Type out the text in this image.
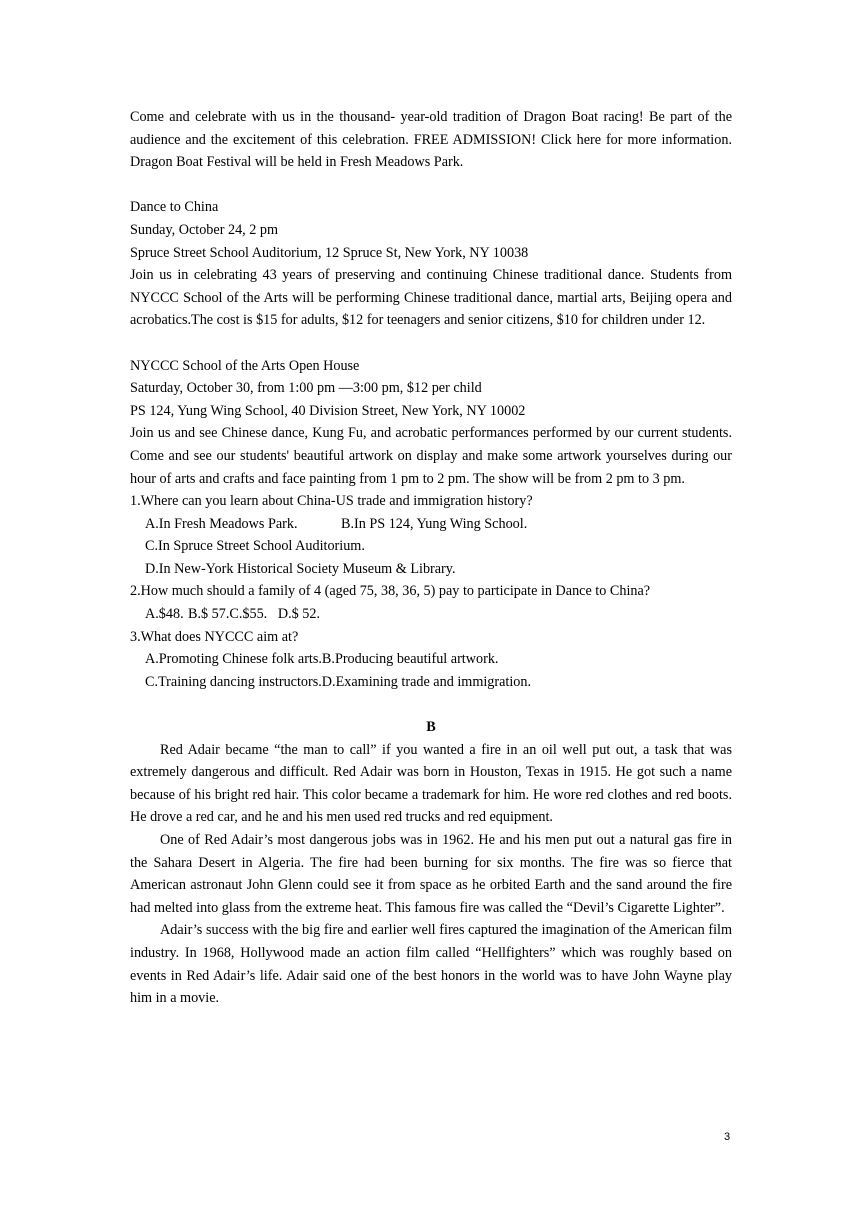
Come and celebrate with us in the thousand- year-old tradition of Dragon Boat racing! Be part of the audience and the excitement of this celebration. FREE ADMISSION! Click here for more information. Dragon Boat Festival will be held in Fresh Meadows Park.

Dance to China
Sunday, October 24, 2 pm
Spruce Street School Auditorium, 12 Spruce St, New York, NY 10038

Join us in celebrating 43 years of preserving and continuing Chinese traditional dance. Students from NYCCC School of the Arts will be performing Chinese traditional dance, martial arts, Beijing opera and acrobatics.The cost is $15 for adults, $12 for teenagers and senior citizens, $10 for children under 12.

NYCCC School of the Arts Open House
Saturday, October 30, from 1:00 pm —3:00 pm, $12 per child
PS 124, Yung Wing School, 40 Division Street, New York, NY 10002

Join us and see Chinese dance, Kung Fu, and acrobatic performances performed by our current students. Come and see our students' beautiful artwork on display and make some artwork yourselves during our hour of arts and crafts and face painting from 1 pm to 2 pm. The show will be from 2 pm to 3 pm.

1.Where can you learn about China-US trade and immigration history?
A.In Fresh Meadows Park.	B.In PS 124, Yung Wing School.
C.In Spruce Street School Auditorium.
D.In New-York Historical Society Museum & Library.
2.How much should a family of 4 (aged 75, 38, 36, 5) pay to participate in Dance to China?
A.$48. B.$ 57.C.$55.   D.$ 52.
3.What does NYCCC aim at?
A.Promoting Chinese folk arts.B.Producing beautiful artwork.
C.Training dancing instructors.D.Examining trade and immigration.
B

Red Adair became “the man to call” if you wanted a fire in an oil well put out, a task that was extremely dangerous and difficult. Red Adair was born in Houston, Texas in 1915. He got such a name because of his bright red hair. This color became a trademark for him. He wore red clothes and red boots. He drove a red car, and he and his men used red trucks and red equipment.

One of Red Adair’s most dangerous jobs was in 1962. He and his men put out a natural gas fire in the Sahara Desert in Algeria. The fire had been burning for six months. The fire was so fierce that American astronaut John Glenn could see it from space as he orbited Earth and the sand around the fire had melted into glass from the extreme heat. This famous fire was called the “Devil’s Cigarette Lighter”.

Adair’s success with the big fire and earlier well fires captured the imagination of the American film industry. In 1968, Hollywood made an action film called “Hellfighters” which was roughly based on events in Red Adair’s life. Adair said one of the best honors in the world was to have John Wayne play him in a movie.

3
